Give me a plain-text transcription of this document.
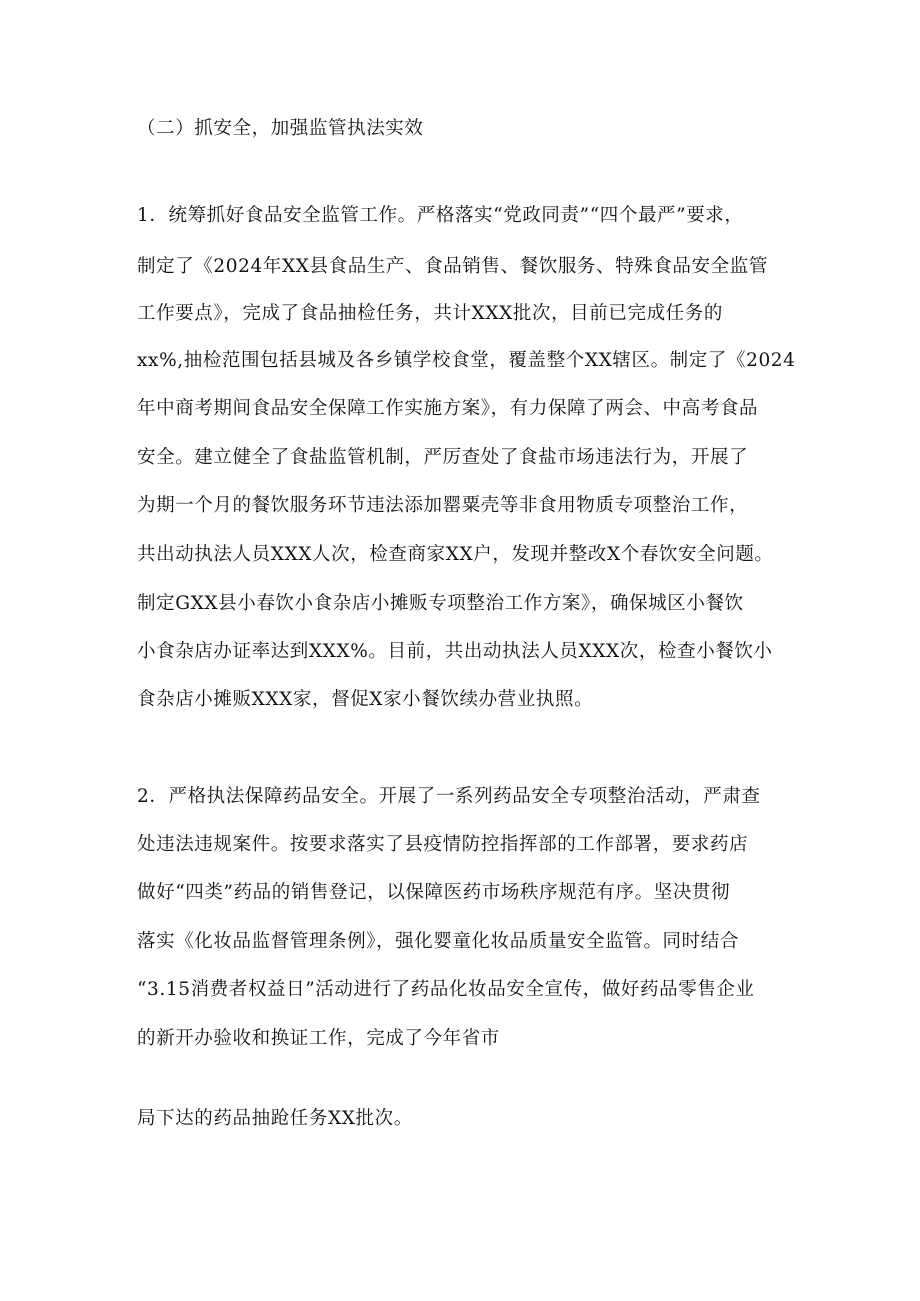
（二）抓安全，加强监管执法实效
1．统筹抓好食品安全监管工作。严格落实“党政同责”“四个最严”要求，
制定了《2024年XX县食品生产、食品销售、餐饮服务、特殊食品安全监管
工作要点》，完成了食品抽检任务，共计XXX批次，目前已完成任务的
xx%,抽检范围包括县城及各乡镇学校食堂，覆盖整个XX辖区。制定了《2024
年中商考期间食品安全保障工作实施方案》，有力保障了两会、中高考食品
安全。建立健全了食盐监管机制，严厉查处了食盐市场违法行为，开展了
为期一个月的餐饮服务环节违法添加罂粟壳等非食用物质专项整治工作，
共出动执法人员XXX人次，检查商家XX户，发现并整改X个春饮安全问题。
制定GXX县小春饮小食杂店小摊贩专项整治工作方案》，确保城区小餐饮
小食杂店办证率达到XXX%。目前，共出动执法人员XXX次，检查小餐饮小
食杂店小摊贩XXX家，督促X家小餐饮续办营业执照。
2．严格执法保障药品安全。开展了一系列药品安全专项整治活动，严肃查
处违法违规案件。按要求落实了县疫情防控指挥部的工作部署，要求药店
做好“四类”药品的销售登记，以保障医药市场秩序规范有序。坚决贯彻
落实《化妆品监督管理条例》，强化婴童化妆品质量安全监管。同时结合
“3.15消费者权益日”活动进行了药品化妆品安全宣传，做好药品零售企业
的新开办验收和换证工作，完成了今年省市
局下达的药品抽跄任务XX批次。
